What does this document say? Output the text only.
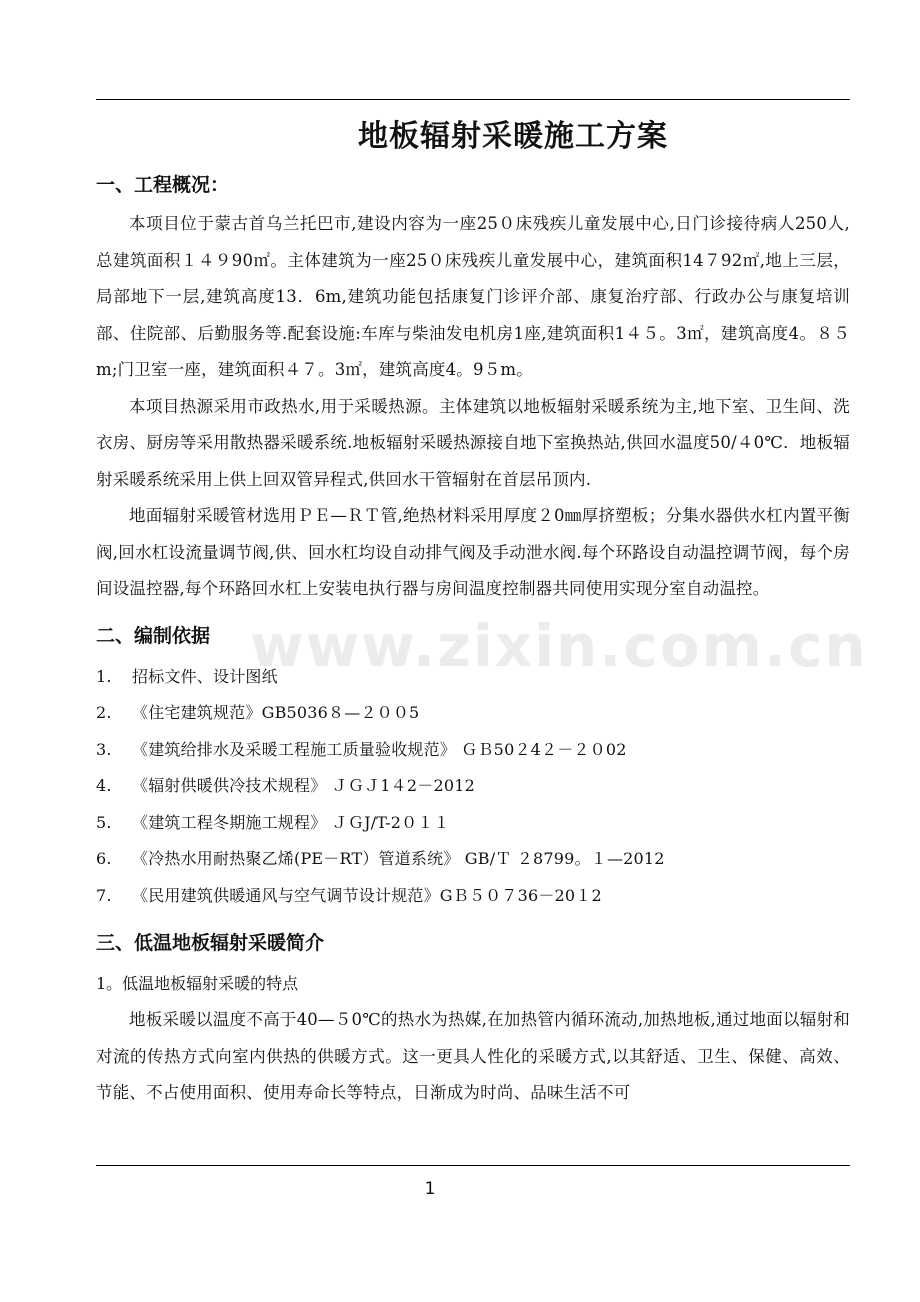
www.zixin.com.cn
地板辐射采暖施工方案
一、工程概况：

本项目位于蒙古首乌兰托巴市,建设内容为一座25０床残疾儿童发展中心,日门诊接待病人250人,总建筑面积１４９90㎡。主体建筑为一座25０床残疾儿童发展中心，建筑面积14７92㎡,地上三层，局部地下一层,建筑高度13．6m,建筑功能包括康复门诊评介部、康复治疗部、行政办公与康复培训部、住院部、后勤服务等.配套设施:车库与柴油发电机房1座,建筑面积1４５。3㎡，建筑高度4。８５m;门卫室一座，建筑面积４７。3㎡，建筑高度4。9５m。

本项目热源采用市政热水,用于采暖热源。主体建筑以地板辐射采暖系统为主,地下室、卫生间、洗衣房、厨房等采用散热器采暖系统.地板辐射采暖热源接自地下室换热站,供回水温度50/４0℃．地板辐射采暖系统采用上供上回双管异程式,供回水干管辐射在首层吊顶内.

地面辐射采暖管材选用ＰＥ—ＲＴ管,绝热材料采用厚度２0㎜厚挤塑板；分集水器供水杠内置平衡阀,回水杠设流量调节阀,供、回水杠均设自动排气阀及手动泄水阀.每个环路设自动温控调节阀，每个房间设温控器,每个环路回水杠上安装电执行器与房间温度控制器共同使用实现分室自动温控。

二、编制依据
1. 招标文件、设计图纸
2. 《住宅建筑规范》GB5036８—２００5
3. 《建筑给排水及采暖工程施工质量验收规范》 ＧＢ50２4２－２０02
4. 《辐射供暖供冷技术规程》 ＪＧＪ1４2－2012
5. 《建筑工程冬期施工规程》 ＪＧJ/T-2０１１
6. 《冷热水用耐热聚乙烯(PE－RT）管道系统》 GB/Ｔ ２8799。１—2012
7. 《民用建筑供暖通风与空气调节设计规范》GＢ５０７36－20１2
三、低温地板辐射采暖简介

1。低温地板辐射采暖的特点

地板采暖以温度不高于40—５0℃的热水为热媒,在加热管内循环流动,加热地板,通过地面以辐射和对流的传热方式向室内供热的供暖方式。这一更具人性化的采暖方式,以其舒适、卫生、保健、高效、节能、不占使用面积、使用寿命长等特点，日渐成为时尚、品味生活不可

1
